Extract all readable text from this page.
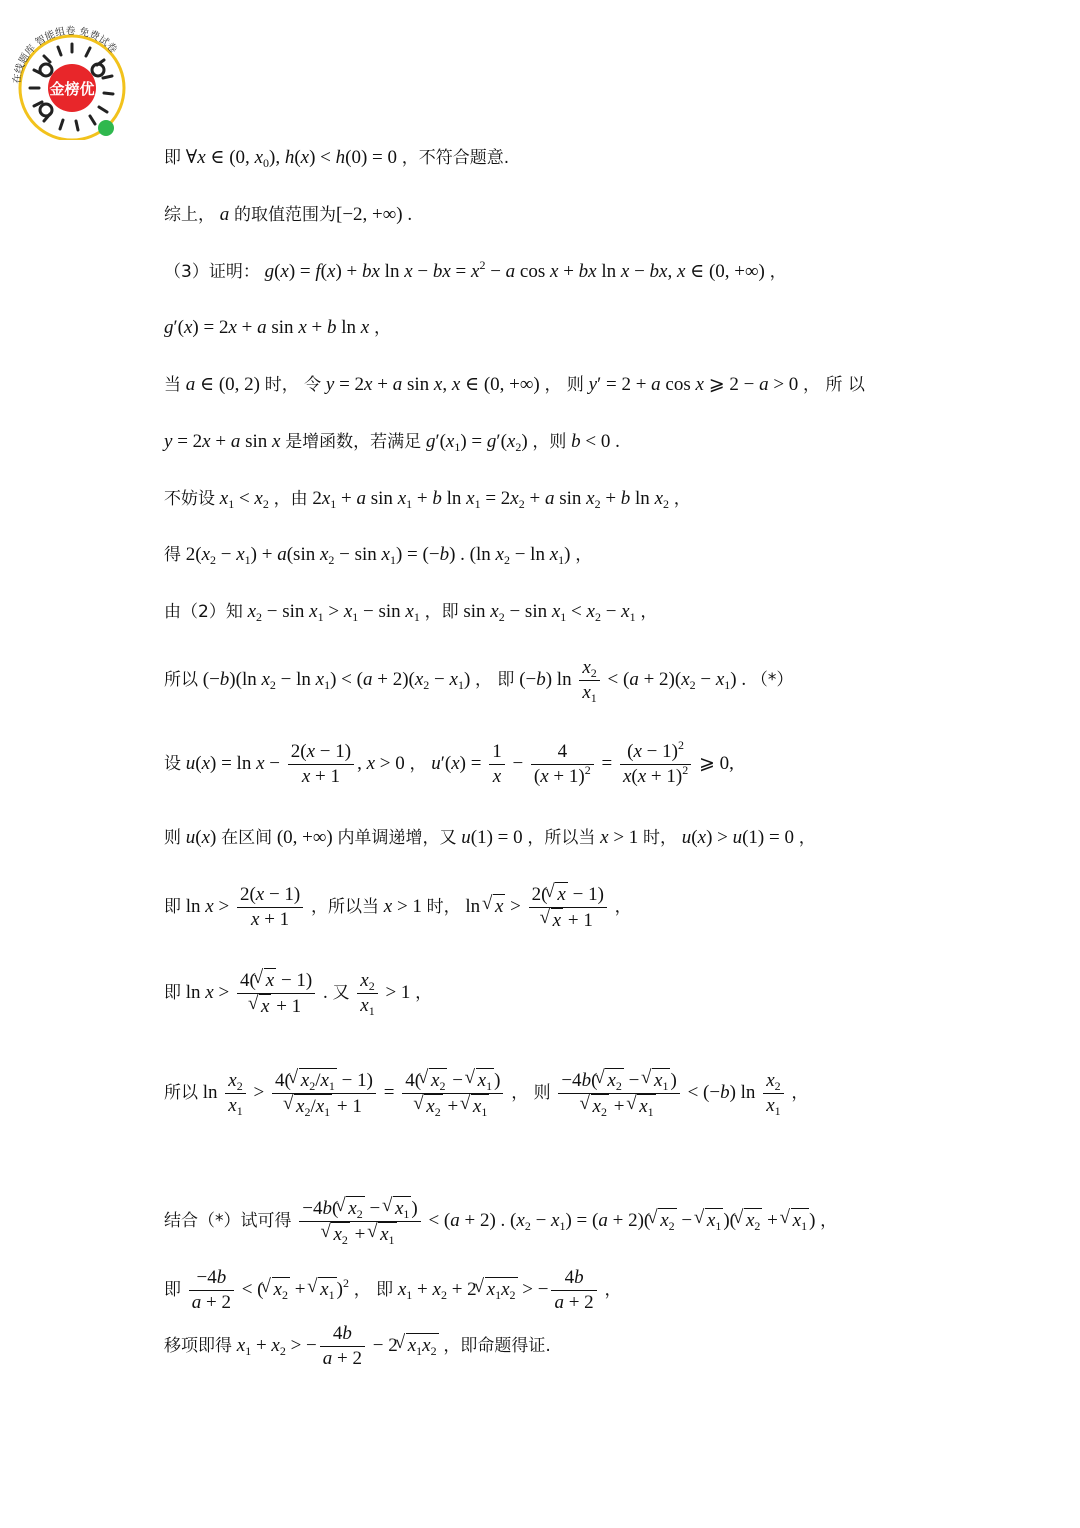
在线题库 智能组卷 免费试卷
金榜优
即 ∀x ∈ (0, $x_0$), h(x) < h(0) = 0 ，不符合题意.
综上， a 的取值范围为[−2, +∞) .
（3）证明： g(x) = f(x) + bx ln x − bx = $x^2 - a$ cos x + bx ln x − bx, x ∈ (0, +∞) ，
g′(x) = 2x + a sin x + b ln x ，
当 a ∈ (0, 2) 时， 令 y = 2x + a sin x, x ∈ (0, +∞) ， 则 y′ = 2 + a cos x ⩾ 2 − a > 0 ， 所 以
y = 2x + a sin x 是增函数，若满足 $g'(x_1) = g'(x_2)$ ，则 b < 0 .
不妨设 $x_1 < x_2$ ，由 $2x_1 + a$ $\sin x_1 + b$ $\ln x_1 = 2x_2 + a$ $\sin x_2 + b$ $\ln x_2$ ，
得 $2(x_2 - x_1) + a(\sin$ $x_2 - \sin x_1) = (-b)$ . (ln $x_2 - \ln x_1$) ，
由（2）知 $x_2 - \sin x_1 > x_1 - \sin x_1$ ，即 $\sin x_2 - \sin x_1 < x_2 - x_1$ ，
所以 (−b)(ln $x_2 - \ln x_1) < (a + 2)(x_2 - x_1)$ ， 即 (−b) $\ln \frac{x_2}{x_1} < (a + 2)(x_2 - x_1)$ . （*）
设 $u(x) = \ln x - \frac{2(x - 1)}{x + 1}$ , x > 0 ， $u'(x) = \frac{1}{x} - \frac{4}{(x + 1)^2} = \frac{(x - 1)^2}{x(x + 1)^2}$ ⩾ 0,
则 u(x) 在区间 (0, +∞) 内单调递增，又 u(1) = 0 ，所以当 x > 1 时， u(x) > u(1) = 0 ，
即 $\ln x > \frac{2(x - 1)}{x + 1}$ ，所以当 x > 1 时， ln √ x > 2(√ x − 1)
√ x + 1 ，
即 ln x > 4(√ x − 1)
√ x + 1 . 又 $\frac{x_2}{x_1} > 1$ ，
所以 $\ln \frac{x_2}{x_1} > 4(√$ $x_2/x_1 - 1$)
√ $x_2/x_1 + 1 = 4(√$ $x_2$ − √ $x_1$ )
√ $x_2$ + √ $x_1$ ， 则 −4b(√ $x_2$ − √ $x_1$ )
√ $x_2$ + √ $x_1 < (-b)$ $\ln \frac{x_2}{x_1}$ ，
结合（*）试可得 −4b(√ $x_2$ − √ $x_1$ )
√ $x_2$ + √ $x_1 < (a + 2)$ . $(x_2 - x_1) = (a + 2)(√$ $x_2$ − √ $x_1$ )(√ $x_2$ + √ $x_1$ ) ，
即 $\frac{-4b}{a + 2}$ < (√ $x_2$ + √ $x_1$ )$^2$ ， 即 $x_1 + x_2 + 2√$ $x_1x_2$ > − $\frac{4b}{a + 2}$ ，
移项即得 $x_1 + x_2$ > − $\frac{4b}{a + 2} - 2√$ $x_1x_2$ ，即命题得证.
